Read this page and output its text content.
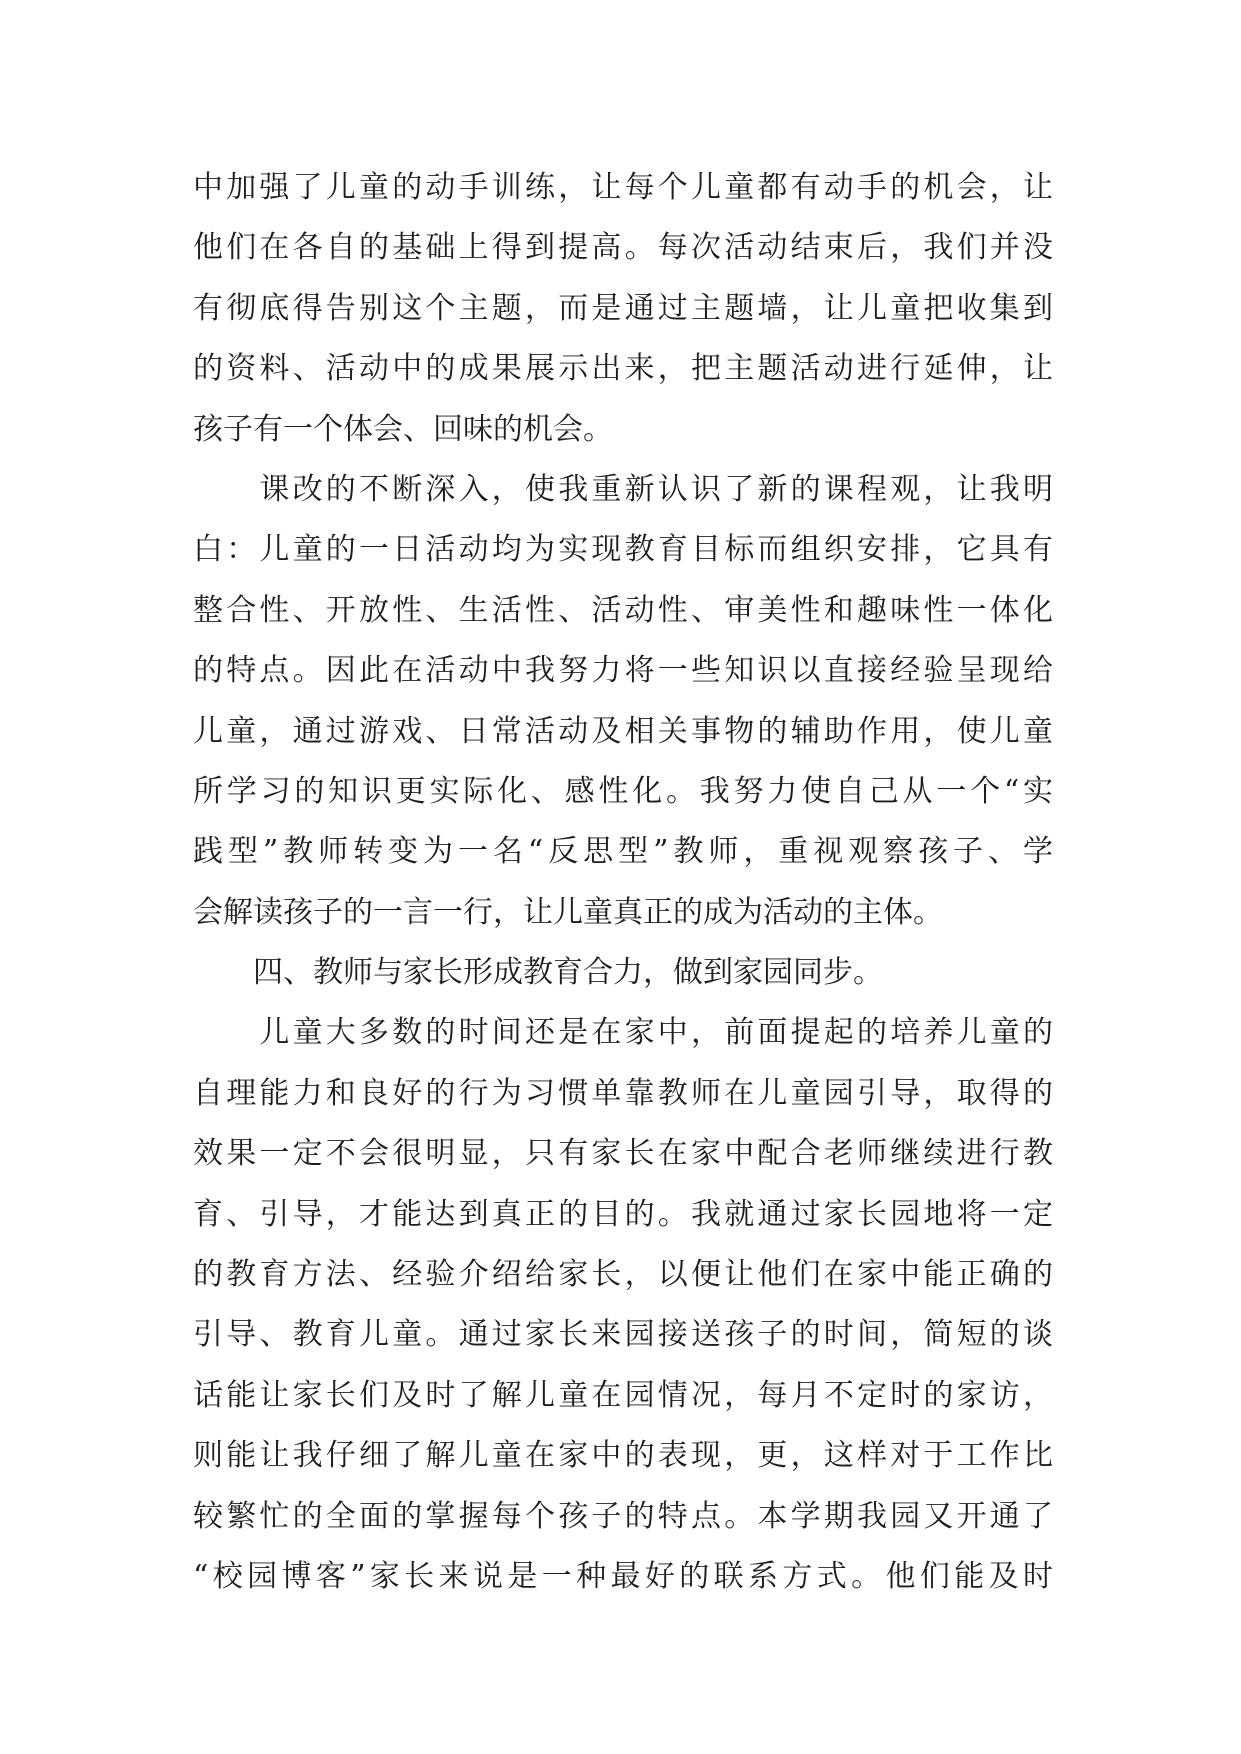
中加强了儿童的动手训练，让每个儿童都有动手的机会，让
他们在各自的基础上得到提高。每次活动结束后，我们并没
有彻底得告别这个主题，而是通过主题墙，让儿童把收集到
的资料、活动中的成果展示出来，把主题活动进行延伸，让
孩子有一个体会、回味的机会。
　　课改的不断深入，使我重新认识了新的课程观，让我明
白：儿童的一日活动均为实现教育目标而组织安排，它具有
整合性、开放性、生活性、活动性、审美性和趣味性一体化
的特点。因此在活动中我努力将一些知识以直接经验呈现给
儿童，通过游戏、日常活动及相关事物的辅助作用，使儿童
所学习的知识更实际化、感性化。我努力使自己从一个“实
践型”教师转变为一名“反思型”教师，重视观察孩子、学
会解读孩子的一言一行，让儿童真正的成为活动的主体。
　　四、教师与家长形成教育合力，做到家园同步。
　　儿童大多数的时间还是在家中，前面提起的培养儿童的
自理能力和良好的行为习惯单靠教师在儿童园引导，取得的
效果一定不会很明显，只有家长在家中配合老师继续进行教
育、引导，才能达到真正的目的。我就通过家长园地将一定
的教育方法、经验介绍给家长，以便让他们在家中能正确的
引导、教育儿童。通过家长来园接送孩子的时间，简短的谈
话能让家长们及时了解儿童在园情况，每月不定时的家访，
则能让我仔细了解儿童在家中的表现，更，这样对于工作比
较繁忙的全面的掌握每个孩子的特点。本学期我园又开通了
“校园博客”家长来说是一种最好的联系方式。他们能及时
